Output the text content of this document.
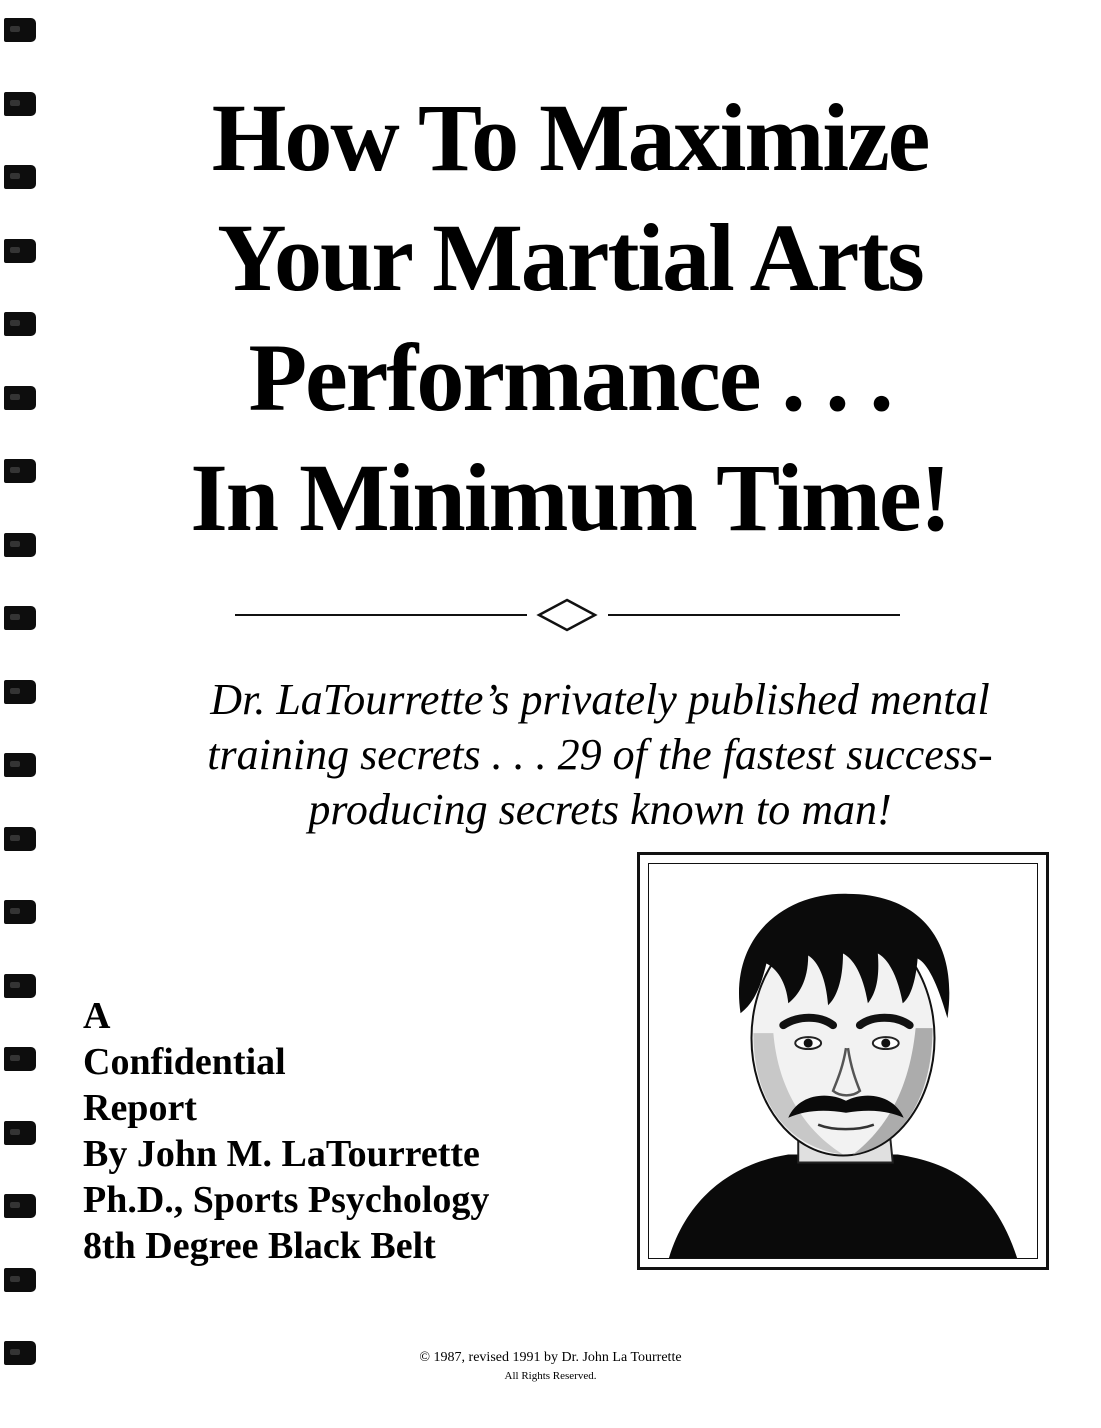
How To Maximize
Your Martial Arts
Performance . . .
In Minimum Time!
Dr. LaTourrette’s privately published mental
training secrets . . . 29 of the fastest success-
producing secrets known to man!
A
Confidential
Report
By John M. LaTourrette
Ph.D., Sports Psychology
8th Degree Black Belt
© 1987, revised 1991 by Dr. John La Tourrette
All Rights Reserved.
